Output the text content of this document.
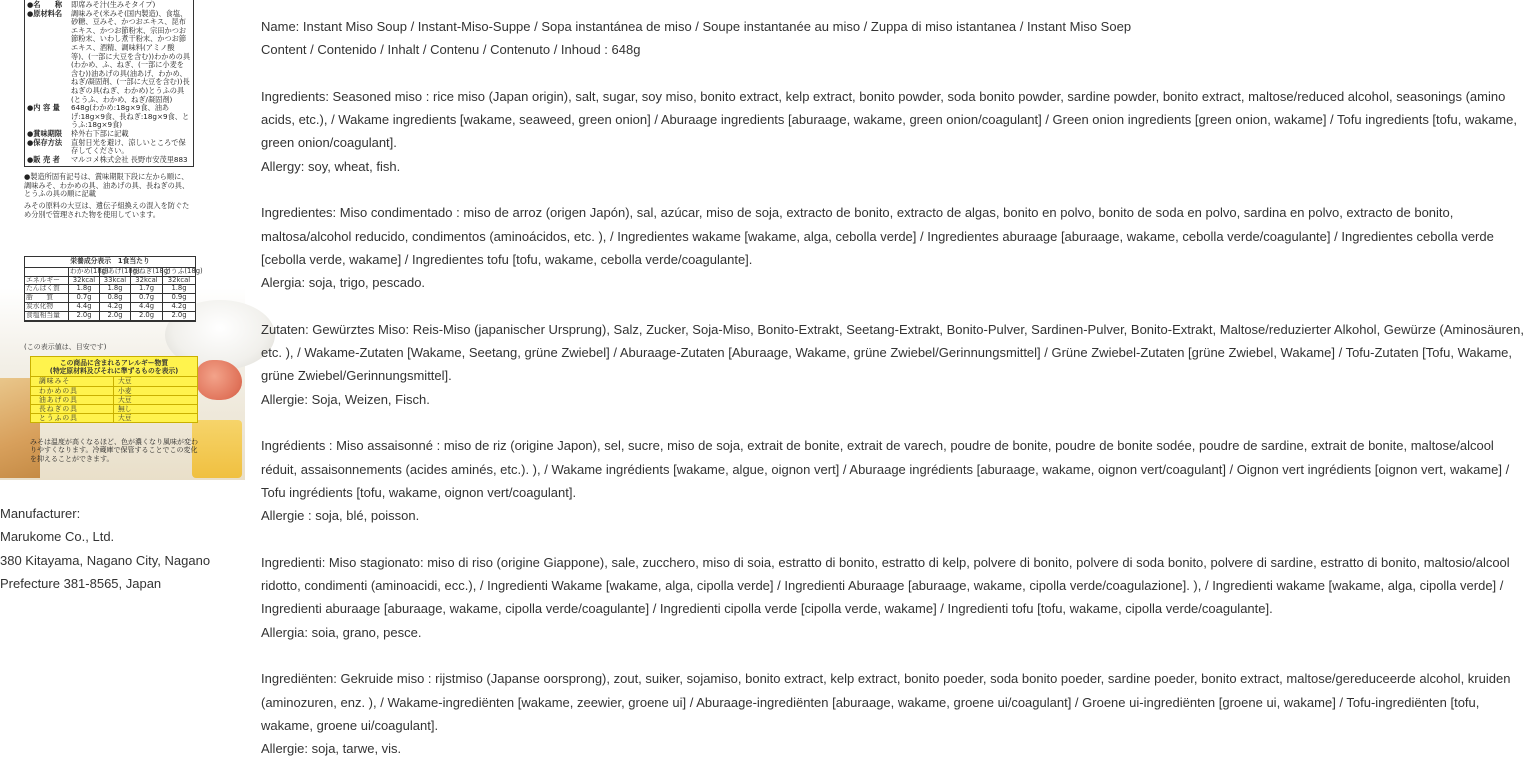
●名　　称	即席みそ汁(生みそタイプ)
●原材料名	調味みそ(米みそ(国内製造)、食塩、砂糖、豆みそ、かつおエキス、昆布エキス、かつお節粉末、宗田かつお節粉末、いわし煮干粉末、かつお節エキス、酒精、調味料(アミノ酸等)、(一部に大豆を含む))わかめの具(わかめ、ふ、ねぎ、(一部に小麦を含む))油あげの具(油あげ、わかめ、ねぎ/凝固剤、(一部に大豆を含む))長ねぎの具(ねぎ、わかめ)とうふの具(とうふ、わかめ、ねぎ/凝固剤)
●内 容 量	648g(わかめ:18g×9食、油あげ:18g×9食、長ねぎ:18g×9食、とうふ:18g×9食)
●賞味期限	枠外右下部に記載
●保存方法	直射日光を避け、涼しいところで保存してください。
●販 売 者	マルコメ株式会社 長野市安茂里883

●製造所固有記号は、賞味期限下段に左から順に、調味みそ、わかめの具、油あげの具、長ねぎの具、とうふの具の順に記載

みその原料の大豆は、遺伝子組換えの混入を防ぐため分別で管理された物を使用しています。

栄養成分表示　1食当たり
わかめ(18g)
油あげ(18g)
長ねぎ(18g)
とうふ(18g)
エネルギー	32kcal	33kcal	32kcal	32kcal
たんぱく質	1.8g	1.8g	1.7g	1.8g
脂　　質	0.7g	0.8g	0.7g	0.9g
炭水化物	4.4g	4.2g	4.4g	4.2g
食塩相当量	2.0g	2.0g	2.0g	2.0g
(この表示値は、目安です)
この商品に含まれるアレルギー物質
(特定原材料及びそれに準ずるものを表示)
調味みそ	大豆
わかめの具	小麦
油あげの具	大豆
長ねぎの具	無し
とうふの具	大豆
みそは温度が高くなるほど、色が濃くなり風味が変わりやすくなります。冷蔵庫で保管することでこの変化を抑えることができます。
Manufacturer:
Marukome Co., Ltd.
380 Kitayama, Nagano City, Nagano
Prefecture 381-8565, Japan

Name: Instant Miso Soup / Instant-Miso-Suppe / Sopa instantánea de miso / Soupe instantanée au miso / Zuppa di miso istantanea / Instant Miso Soep

Content / Contenido / Inhalt / Contenu / Contenuto / Inhoud : 648g

Ingredients: Seasoned miso : rice miso (Japan origin), salt, sugar, soy miso, bonito extract, kelp extract, bonito powder, soda bonito powder, sardine powder, bonito extract, maltose/reduced alcohol, seasonings (amino acids, etc.), / Wakame ingredients [wakame, seaweed, green onion] / Aburaage ingredients [aburaage, wakame, green onion/coagulant] / Green onion ingredients [green onion, wakame] / Tofu ingredients [tofu, wakame, green onion/coagulant].

Allergy: soy, wheat, fish.

Ingredientes: Miso condimentado : miso de arroz (origen Japón), sal, azúcar, miso de soja, extracto de bonito, extracto de algas, bonito en polvo, bonito de soda en polvo, sardina en polvo, extracto de bonito, maltosa/alcohol reducido, condimentos (aminoácidos, etc. ), / Ingredientes wakame [wakame, alga, cebolla verde] / Ingredientes aburaage [aburaage, wakame, cebolla verde/coagulante] / Ingredientes cebolla verde [cebolla verde, wakame] / Ingredientes tofu [tofu, wakame, cebolla verde/coagulante].

Alergia: soja, trigo, pescado.

Zutaten: Gewürztes Miso: Reis-Miso (japanischer Ursprung), Salz, Zucker, Soja-Miso, Bonito-Extrakt, Seetang-Extrakt, Bonito-Pulver, Sardinen-Pulver, Bonito-Extrakt, Maltose/reduzierter Alkohol, Gewürze (Aminosäuren, etc. ), / Wakame-Zutaten [Wakame, Seetang, grüne Zwiebel] / Aburaage-Zutaten [Aburaage, Wakame, grüne Zwiebel/Gerinnungsmittel] / Grüne Zwiebel-Zutaten [grüne Zwiebel, Wakame] / Tofu-Zutaten [Tofu, Wakame, grüne Zwiebel/Gerinnungsmittel].

Allergie: Soja, Weizen, Fisch.

Ingrédients : Miso assaisonné : miso de riz (origine Japon), sel, sucre, miso de soja, extrait de bonite, extrait de varech, poudre de bonite, poudre de bonite sodée, poudre de sardine, extrait de bonite, maltose/alcool réduit, assaisonnements (acides aminés, etc.). ), / Wakame ingrédients [wakame, algue, oignon vert] / Aburaage ingrédients [aburaage, wakame, oignon vert/coagulant] / Oignon vert ingrédients [oignon vert, wakame] / Tofu ingrédients [tofu, wakame, oignon vert/coagulant].

Allergie : soja, blé, poisson.

Ingredienti: Miso stagionato: miso di riso (origine Giappone), sale, zucchero, miso di soia, estratto di bonito, estratto di kelp, polvere di bonito, polvere di soda bonito, polvere di sardine, estratto di bonito, maltosio/alcool ridotto, condimenti (aminoacidi, ecc.), / Ingredienti Wakame [wakame, alga, cipolla verde] / Ingredienti Aburaage [aburaage, wakame, cipolla verde/coagulazione]. ), / Ingredienti wakame [wakame, alga, cipolla verde] / Ingredienti aburaage [aburaage, wakame, cipolla verde/coagulante] / Ingredienti cipolla verde [cipolla verde, wakame] / Ingredienti tofu [tofu, wakame, cipolla verde/coagulante].

Allergia: soia, grano, pesce.

Ingrediënten: Gekruide miso : rijstmiso (Japanse oorsprong), zout, suiker, sojamiso, bonito extract, kelp extract, bonito poeder, soda bonito poeder, sardine poeder, bonito extract, maltose/gereduceerde alcohol, kruiden (aminozuren, enz. ), / Wakame-ingrediënten [wakame, zeewier, groene ui] / Aburaage-ingrediënten [aburaage, wakame, groene ui/coagulant] / Groene ui-ingrediënten [groene ui, wakame] / Tofu-ingrediënten [tofu, wakame, groene ui/coagulant].

Allergie: soja, tarwe, vis.
